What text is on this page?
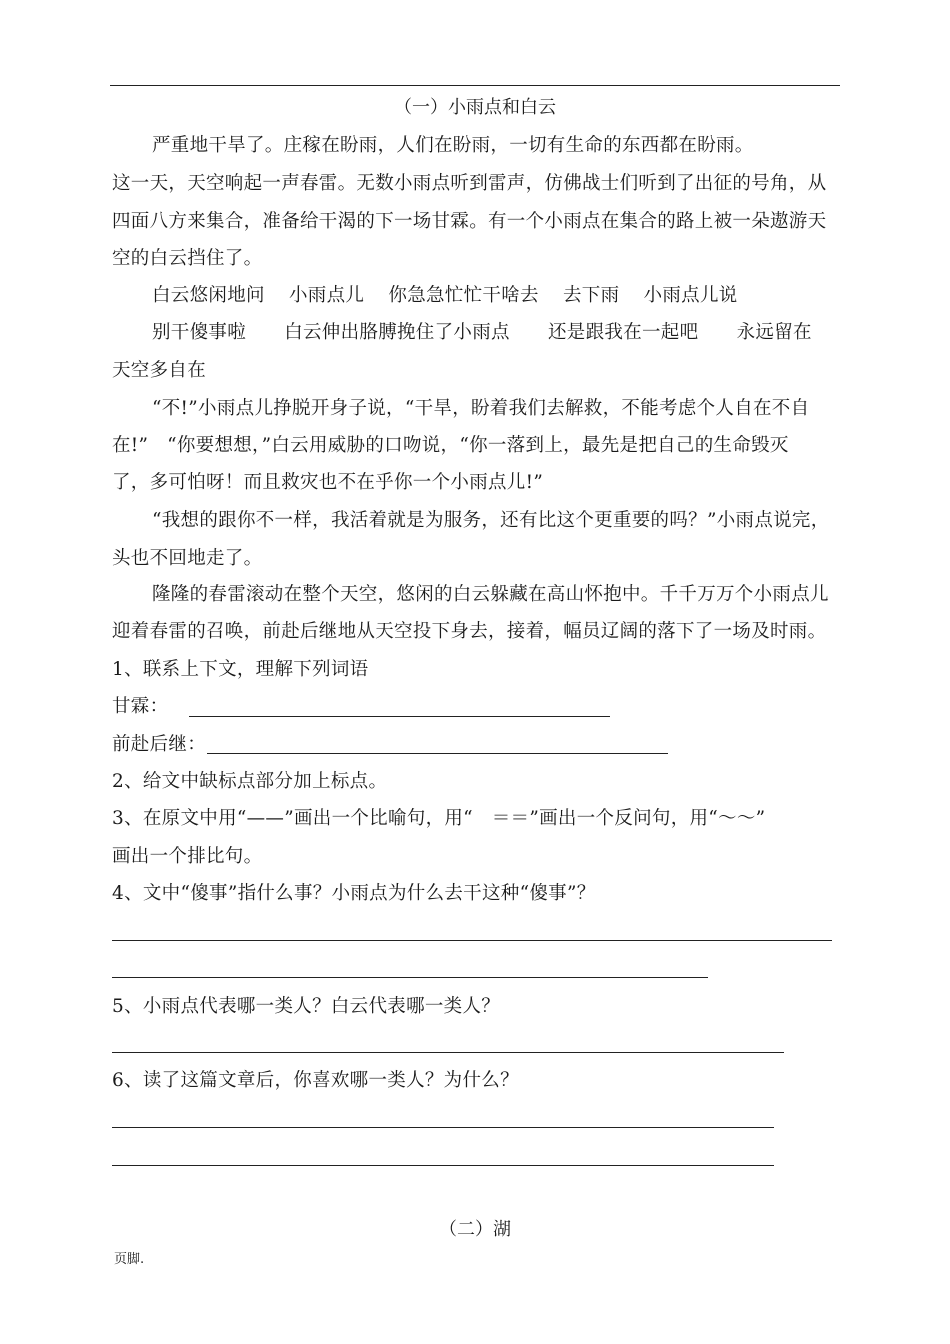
（一）小雨点和白云
严重地干旱了。庄稼在盼雨，人们在盼雨，一切有生命的东西都在盼雨。
这一天，天空响起一声春雷。无数小雨点听到雷声，仿佛战士们听到了出征的号角，从
四面八方来集合，准备给干渴的下一场甘霖。有一个小雨点在集合的路上被一朵遨游天
空的白云挡住了。
白云悠闲地问 小雨点儿 你急急忙忙干啥去 去下雨 小雨点儿说
别干傻事啦 白云伸出胳膊挽住了小雨点 还是跟我在一起吧 永远留在
天空多自在
“不!”小雨点儿挣脱开身子说，“干旱，盼着我们去解救，不能考虑个人自在不自
在!”　“你要想想，”白云用威胁的口吻说，“你一落到上，最先是把自己的生命毁灭
了，多可怕呀！而且救灾也不在乎你一个小雨点儿!”
“我想的跟你不一样，我活着就是为服务，还有比这个更重要的吗？”小雨点说完，
头也不回地走了。
隆隆的春雷滚动在整个天空，悠闲的白云躲藏在高山怀抱中。千千万万个小雨点儿
迎着春雷的召唤，前赴后继地从天空投下身去，接着，幅员辽阔的落下了一场及时雨。
1、联系上下文，理解下列词语
甘霖：
前赴后继：
2、给文中缺标点部分加上标点。
3、在原文中用“——”画出一个比喻句，用“　＝＝”画出一个反问句，用“～～”
画出一个排比句。
4、文中“傻事”指什么事？小雨点为什么去干这种“傻事”？
5、小雨点代表哪一类人？白云代表哪一类人？
6、读了这篇文章后，你喜欢哪一类人？为什么？
（二）湖
页脚.
